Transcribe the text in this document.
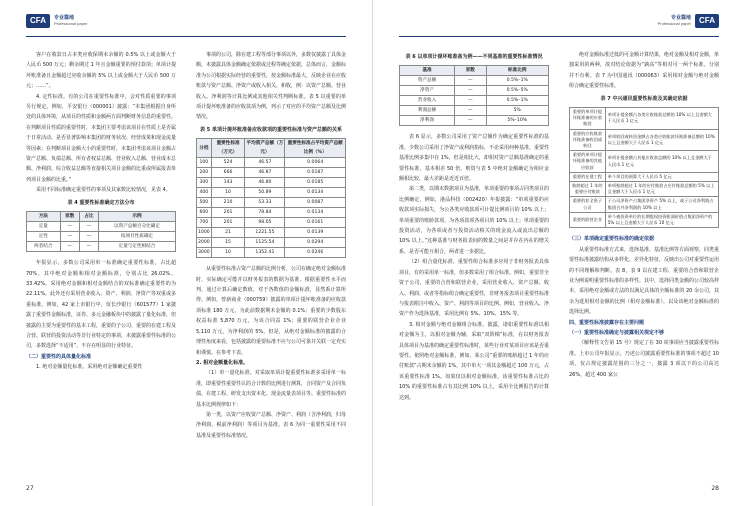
CFA	专业篇地
Professional paper

客户在收款日占本类应收保期末余额的 0.5% 以上或金额大于人民币 500 万元；剩余期过 1 年且金额重要的预付款项；单项计提坏账准备且金额超过应收余额的 5% 以上或金额大于人民币 500 万元；……”。

4. 定性标准。有的公司在重要性标准中，会对性质重要的事项另行规定。例如，平安银行（000001）披露：“本集团根据自身所处的具体环境，从项目的性质和金额两方面判断财务信息的重要性。在判断项目性质的重要性时，本集团主要考虑该项目在性质上是否属于日常活动、是否显著影响本集团的财务状况、经营成果和现金流量等因素；在判断项目金额大小的重要性时，本集团考虑该项目金额占资产总额、负债总额、所有者权益总额、营业收入总额、营业成本总额、净利润、综合收益总额等直接相关项目金额的比重或所属报表单列项目金额的比重。”

采用不同标准确定重要性的事项及其家数比较情况，见表 4。

表 4 重要性标准确定方法分布

方法	家数	占比	示例
定量	—	—	以资产总额百分比确定
定性	—	—	按项目性质确定
两者结合	—	—	定量与定性相结合

年报显示，多数公司采用单一标准确定重要性标准，占比超 70%，其中绝对金额和相对金额标准，分别占比 26.02%、33.42%。采用绝对金额和相对金额结合的双标准确定重要性的为 22.11%。此外还有采用营业收入、资产、利润、净资产等双重或多重标准。例如，42 家上市银行中，仅长沙银行（601577）1 家披露了重要性金额标准，证券、多元金融板块中的披露了量化标准，但披露的主要为重要性的基本工程，重要的子公司、重要的在建工程及合营、联营的投资活动等非行业特定的事项，未披露重要性标准的公司，多数选择“不适用”，不存在明显的行业特征。

（二）重要性的具体量化标准

1. 绝对金额量化标准。采用绝对金额确定重要性

事项的公司，除在建工程等部分事项以外，多数仅披露了具体金额，未披露具体金额确定依据或过程等确定依据，总体而言，金额标准为公司根据实际经营的重要性，按金额标准最大，反映企业在应收账款与资产总额、净资产或收入相关，和收，例：以资产总额、营业收入、净利润等计算比例或其他相关性判断标准。表 5 以重要的单项计提坏账准备的应收款项为例，列示了对应的平均资产总额及比例情况。

表 5 单项计提坏账准备应收款项的重要性标准与资产总额的关系

分档	重要性标准（万元）	平均资产总额（万元）	重要性标准占平均资产总额比例（%）
100	524	46.57	0.0064
200	666	46.87	0.0187
300	143	46.80	0.0185
400	10	50.89	0.0134
500	210	53.33	0.0087
600	201	78.84	0.0134
700	201	98.05	0.0161
1000	21	1221.55	0.0139
2000	15	1125.54	0.0294
3000	10	1352.41	0.0246

从重要性标准占资产总额的比例分析，公司在确定绝对金额标准时，实际确定可能并以财务报表的数据为基准。根据重要性水平而判，通过计算后确定数值，对于各数值的金额标准，显然系计算所得。例如，曾新商业（000759）披露的单项计提坏账准备的应收款项标准 180 万元，为此前数据期末金额的 0.1%；重要的少数股东权益标准 5,870 万元，为该合同益 1%；重要的联营企业企业 5,110 万元，为净利润的 5%。但是，从绝对金额标准的披露的合理性角度来看，包括披露的重要标准不应与公司可靠并关联一定充实和谨慎。在参考下表。

2. 相对金额量化标准。

（1）单一量化标准。对采取单项计提重要性标准多采用单一标准，即重要性重要性认的合计数的比例进行测算，合同资产及合同负债、在建工程、研发支出资本化、现金流量表项目等。重要性标准的基本比例规律如下：

第一类，以资产应收资产总额、净资产、利润（含净利润，归母净利润、税前净利润）等项目为基准。表 6 为同一重要性采用不同基准及重要性标准情况。

27
CFA
专业篇地
Professional paper

表 6 以单项计提坏账准备为例——不同基准的重要性标准情况

基准	家数	标准比例
资产总额	—	0.5%–1%
净资产	—	0.5%–5%
营业收入	—	0.5%–1%
利润总额	—	5%
净利润	—	5%–10%

表 6 显示，多数公司采用了资产总额作为确定重要性标准的基准，少数公司采用了净资产或利润指标，不论采用何种基准，重要性基准比例多集中在 1%，但是相比大，却相对资产总额基准确定的重要性标准，基本相差 50 倍，则资与表 5 中绝对金额确定为相应金额相比较，最大差距是近近百倍。

第二类，以期末数据项目为基准，单项重要的事项占同类项目的比例确定，例如，港品科技（002420）年报披露：“单项重要的应收款项实际损失，为公各类应收款项可计提比例项目的 10% 以上；单项重要的账龄款项，为各项款项各项目的 10% 以上；单项重要的投资活动，为各项或者与投资活动相关的现金流入或流出总额的 10% 以上。”这种基准与财务报表间的数量之间是并存在内在的增关系，是否可能互相合，两者进一步据比。

（2）组合量化标准。重要性组合标准多应用于非财务报表具体项目，有的采用单一标准，但多数采用了组合标准。例如，重要非全资子公司，重要的合营和联营企业，采用营业收入、资产总额、收入、利润、或者等指标组合确定重要性，非财务报表项目重要性标准与报表附注中收入、资产、利润等项目的比例。例如，营业收入、净资产作为选择基准，采用比例有 5%、10%、15% 等。

3. 相对金额与绝对金额组合标准。披露，诸如重要性标准以相对金额为主，以相对金额为辅，采取“双阶梯”标准，在以财务报表具体项目为基准的确定重要性标准时，某些行业对某项目应该是否重要性。依照绝对金额标准，例如，某公司“重要的账龄超过 1 年的应付账款”占期末余额的 1%，其中单大一项其金额超过 100 万元，占该重要性标准 1%。如果仅以相对金额标准，该重要性标准占比的 10% 的重要性标准占有其比例 10% 以上，采用全比例报告的计算达到。

绝对金额标准过低的可金额计算结果，绝对金额及相对金额，单独采用的两种，故对结论依据为“孰高”等相对可一两个标准。分别并不有利。表 7 为中国通讯（000063）采用相对金额与绝对金额组合确定重要性标准。

表 7 中兴通讯重要性标准及其确定依据

重要的单项计提坏账准备的应收账款	单项计提金额占各类应收账款总额的 10% 以上且金额大于人民币 1 亿元
重要的应收账款坏账准备收回或转回	单项收回或转回金额占各类应收账款坏账准备总额的 10% 以上且金额大于人民币 1 亿元
重要的单项计提坏账准备的其他应收款	单项计提金额占其他应收款总额的 10% 以上且金额大于人民币 1 亿元
重要的在建工程	单个项目的预算大于人民币 5 亿元
账龄超过 1 年的重要应付账款	单项账龄超过 1 年的应付账款占应付账款总额的 5% 以上且金额大于人民币 1 亿元
重要的非全资子公司	子公司净资产占集团净资产 5% 以上，或子公司净利润占集团合并净利润的 10% 以上
重要的联营企业	单个被投资单位的长期股权投资账面价值占集团净资产的 5% 以上且金额大于人民币 10 亿元

（三）单项确定重要性标准的确定依据

从重要性标准方式来，选择基准、基准比例等方面观察，同类重要性标准披露结构从多样化，差异化特征，反映出公司对重要性运用的不同理解和判断。表 8，表 9 以在建工程、重要的合营和联营企业为例说明重要性标准的多样性。其中，选择同类金额的公司较高样本，采用绝对金额或方法的以满足具体的全额标准的 20 余公司，其余为选用相对金额的比例（相对金额标准），以及该绝对金额标准的选择比例。

四、重要性标准披露存在主要问题

（一）重要性标准确定与披露相关规定不够

《解释性文告第 15 号》规定了在 30 项事项应当披露重要性标准。上市公司年报显示，乃述公司披露重要性标准的事项不超过 10 项，仅占规定披露范围的三分之一，披露 3 项以下的公司高达 26%，超过 400 家公

28
